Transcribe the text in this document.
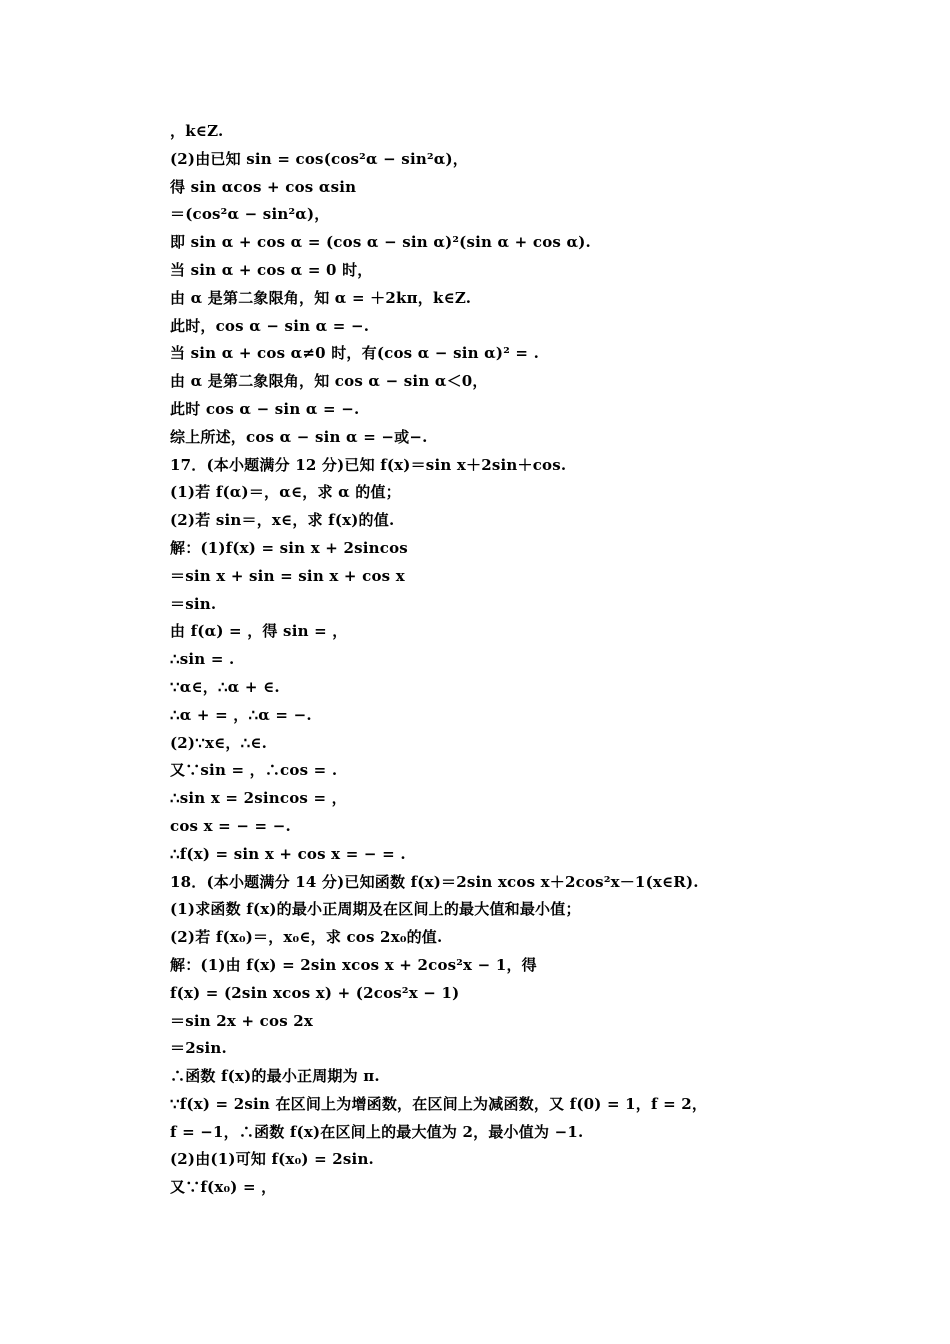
，k∈Z.
(2)由已知 sin = cos(cos²α − sin²α)，
得 sin αcos + cos αsin
＝(cos²α − sin²α)，
即 sin α + cos α = (cos α − sin α)²(sin α + cos α).
当 sin α + cos α = 0 时，
由 α 是第二象限角，知 α = ＋2kπ，k∈Z.
此时，cos α − sin α = −.
当 sin α + cos α≠0 时，有(cos α − sin α)² = .
由 α 是第二象限角，知 cos α − sin α＜0，
此时 cos α − sin α = −.
综上所述，cos α − sin α = −或−.
17．(本小题满分 12 分)已知 f(x)＝sin x＋2sin＋cos.
(1)若 f(α)＝，α∈，求 α 的值；
(2)若 sin＝，x∈，求 f(x)的值.
解：(1)f(x) = sin x + 2sincos
＝sin x + sin = sin x + cos x
＝sin.
由 f(α) = ，得 sin = ，
∴sin = .
∵α∈，∴α + ∈.
∴α + = ，∴α = −.
(2)∵x∈，∴∈.
又∵sin = ，∴cos = .
∴sin x = 2sincos = ，
cos x = − = −.
∴f(x) = sin x + cos x = − = .
18．(本小题满分 14 分)已知函数 f(x)＝2sin xcos x＋2cos²x－1(x∈R).
(1)求函数 f(x)的最小正周期及在区间上的最大值和最小值；
(2)若 f(x₀)＝，x₀∈，求 cos 2x₀的值.
解：(1)由 f(x) = 2sin xcos x + 2cos²x − 1，得
f(x) = (2sin xcos x) + (2cos²x − 1)
＝sin 2x + cos 2x
＝2sin.
∴函数 f(x)的最小正周期为 π.
∵f(x) = 2sin 在区间上为增函数，在区间上为减函数，又 f(0) = 1，f = 2，
f = −1，∴函数 f(x)在区间上的最大值为 2，最小值为 −1.
(2)由(1)可知 f(x₀) = 2sin.
又∵f(x₀) = ，
